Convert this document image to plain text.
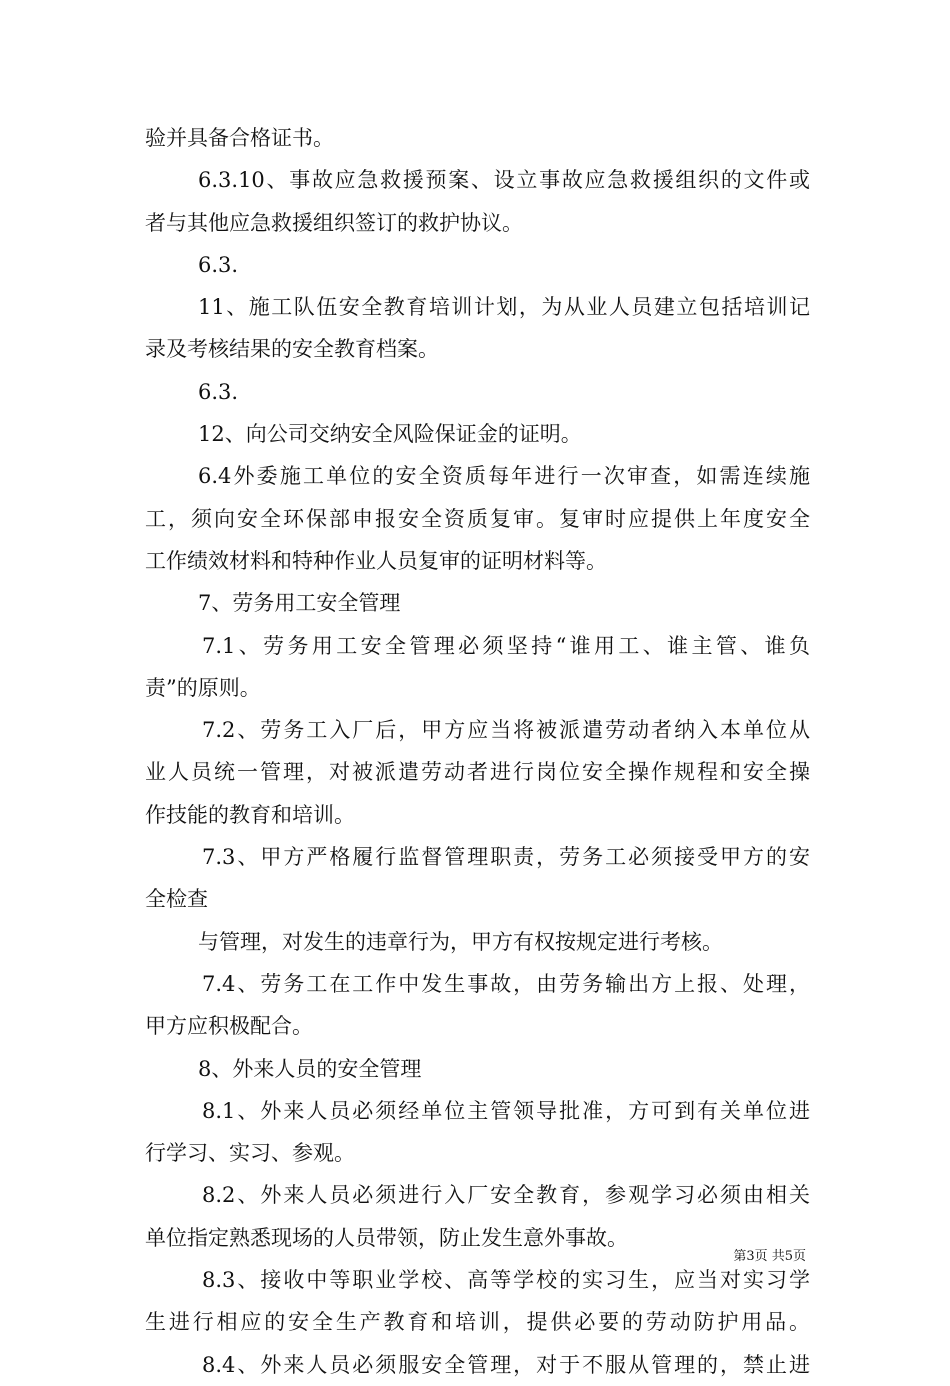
验并具备合格证书。
6.3.10、事故应急救援预案、设立事故应急救援组织的文件或
者与其他应急救援组织签订的救护协议。
6.3.
11、施工队伍安全教育培训计划，为从业人员建立包括培训记
录及考核结果的安全教育档案。
6.3.
12、向公司交纳安全风险保证金的证明。
6.4外委施工单位的安全资质每年进行一次审查，如需连续施
工，须向安全环保部申报安全资质复审。复审时应提供上年度安全
工作绩效材料和特种作业人员复审的证明材料等。
7、劳务用工安全管理
7.1、劳务用工安全管理必须坚持“谁用工、谁主管、谁负
责”的原则。
7.2、劳务工入厂后，甲方应当将被派遣劳动者纳入本单位从
业人员统一管理，对被派遣劳动者进行岗位安全操作规程和安全操
作技能的教育和培训。
7.3、甲方严格履行监督管理职责，劳务工必须接受甲方的安
全检查
与管理，对发生的违章行为，甲方有权按规定进行考核。
7.4、劳务工在工作中发生事故，由劳务输出方上报、处理，
甲方应积极配合。
8、外来人员的安全管理
8.1、外来人员必须经单位主管领导批准，方可到有关单位进
行学习、实习、参观。
8.2、外来人员必须进行入厂安全教育，参观学习必须由相关
单位指定熟悉现场的人员带领，防止发生意外事故。
8.3、接收中等职业学校、高等学校的实习生，应当对实习学
生进行相应的安全生产教育和培训，提供必要的劳动防护用品。
8.4、外来人员必须服安全管理，对于不服从管理的，禁止进
第3页 共5页
